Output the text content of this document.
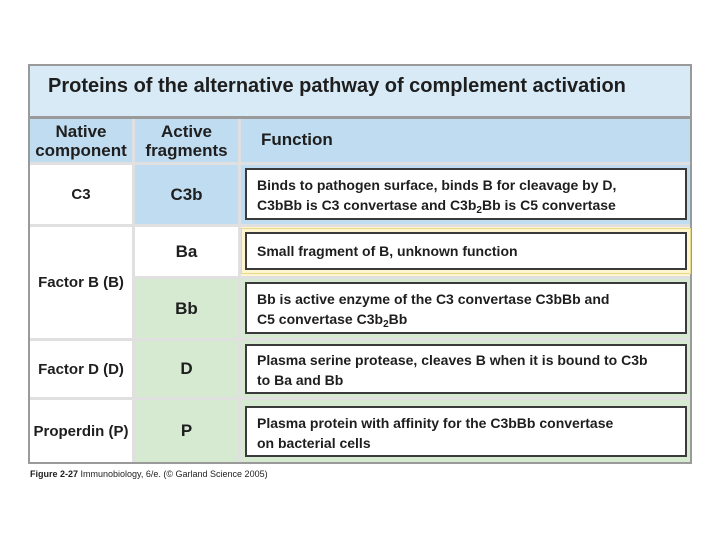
Proteins of the alternative pathway of complement activation
Native
component
Active
fragments
Function
C3
Factor B (B)
Factor D (D)
Properdin (P)
C3b
Ba
Bb
D
P
Binds to pathogen surface, binds B for cleavage by D,
C3bBb is C3 convertase and $C3b_2Bb$ is C5 convertase
Small fragment of B, unknown function
Bb is active enzyme of the C3 convertase C3bBb and
C5 convertase $C3b_2Bb$
Plasma serine protease, cleaves B when it is bound to C3b
to Ba and Bb
Plasma protein with affinity for the C3bBb convertase
on bacterial cells
Figure 2-27 Immunobiology, 6/e. (© Garland Science 2005)
